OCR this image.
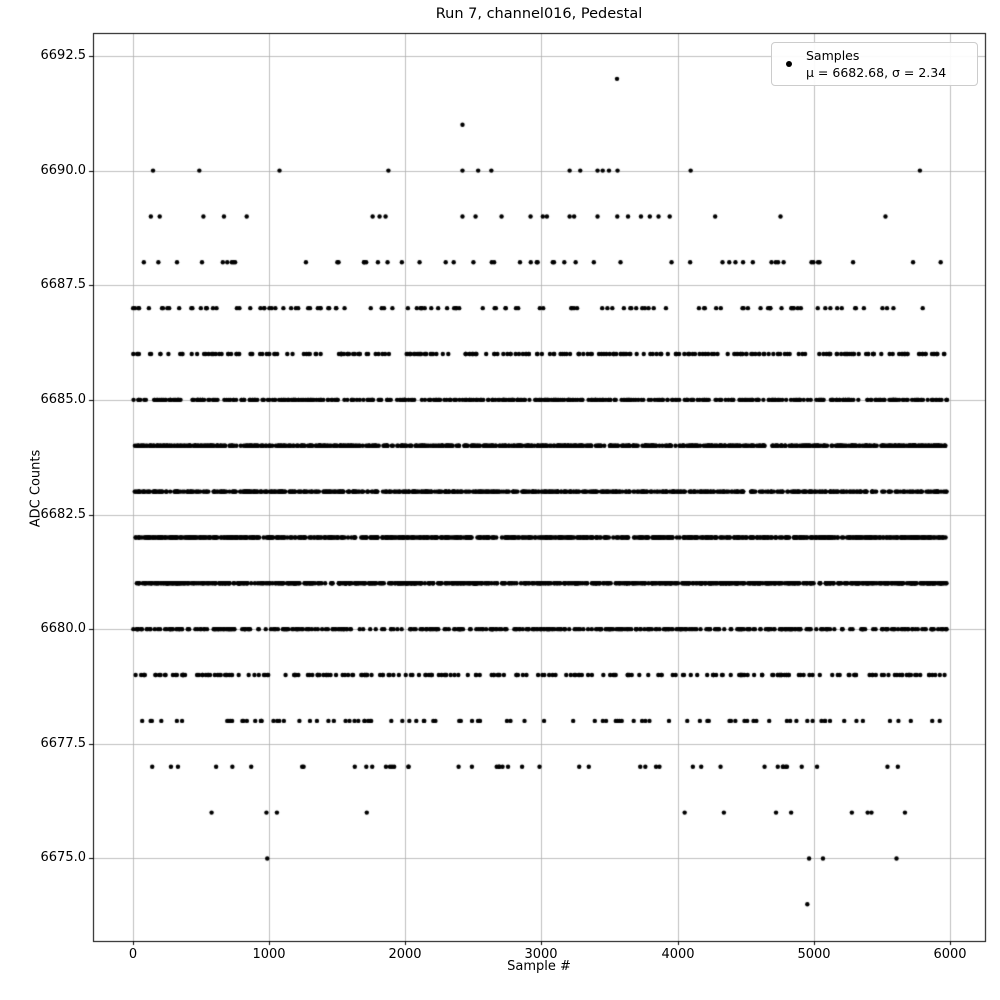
Run 7, channel016, Pedestal
Sample #
ADC Counts
Samples
μ = 6682.68, σ = 2.34
6675.0
6677.5
6680.0
6682.5
6685.0
6687.5
6690.0
6692.5
0	1000	2000	3000	4000	5000	6000
